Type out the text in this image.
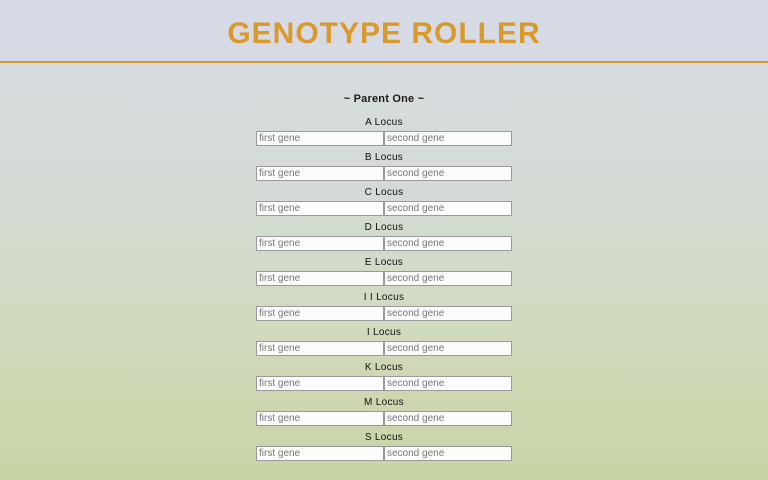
GENOTYPE ROLLER
~ Parent One ~
A Locus
first gene
second gene
B Locus
first gene
second gene
C Locus
first gene
second gene
D Locus
first gene
second gene
E Locus
first gene
second gene
I I Locus
first gene
second gene
I Locus
first gene
second gene
K Locus
first gene
second gene
M Locus
first gene
second gene
S Locus
first gene
second gene
